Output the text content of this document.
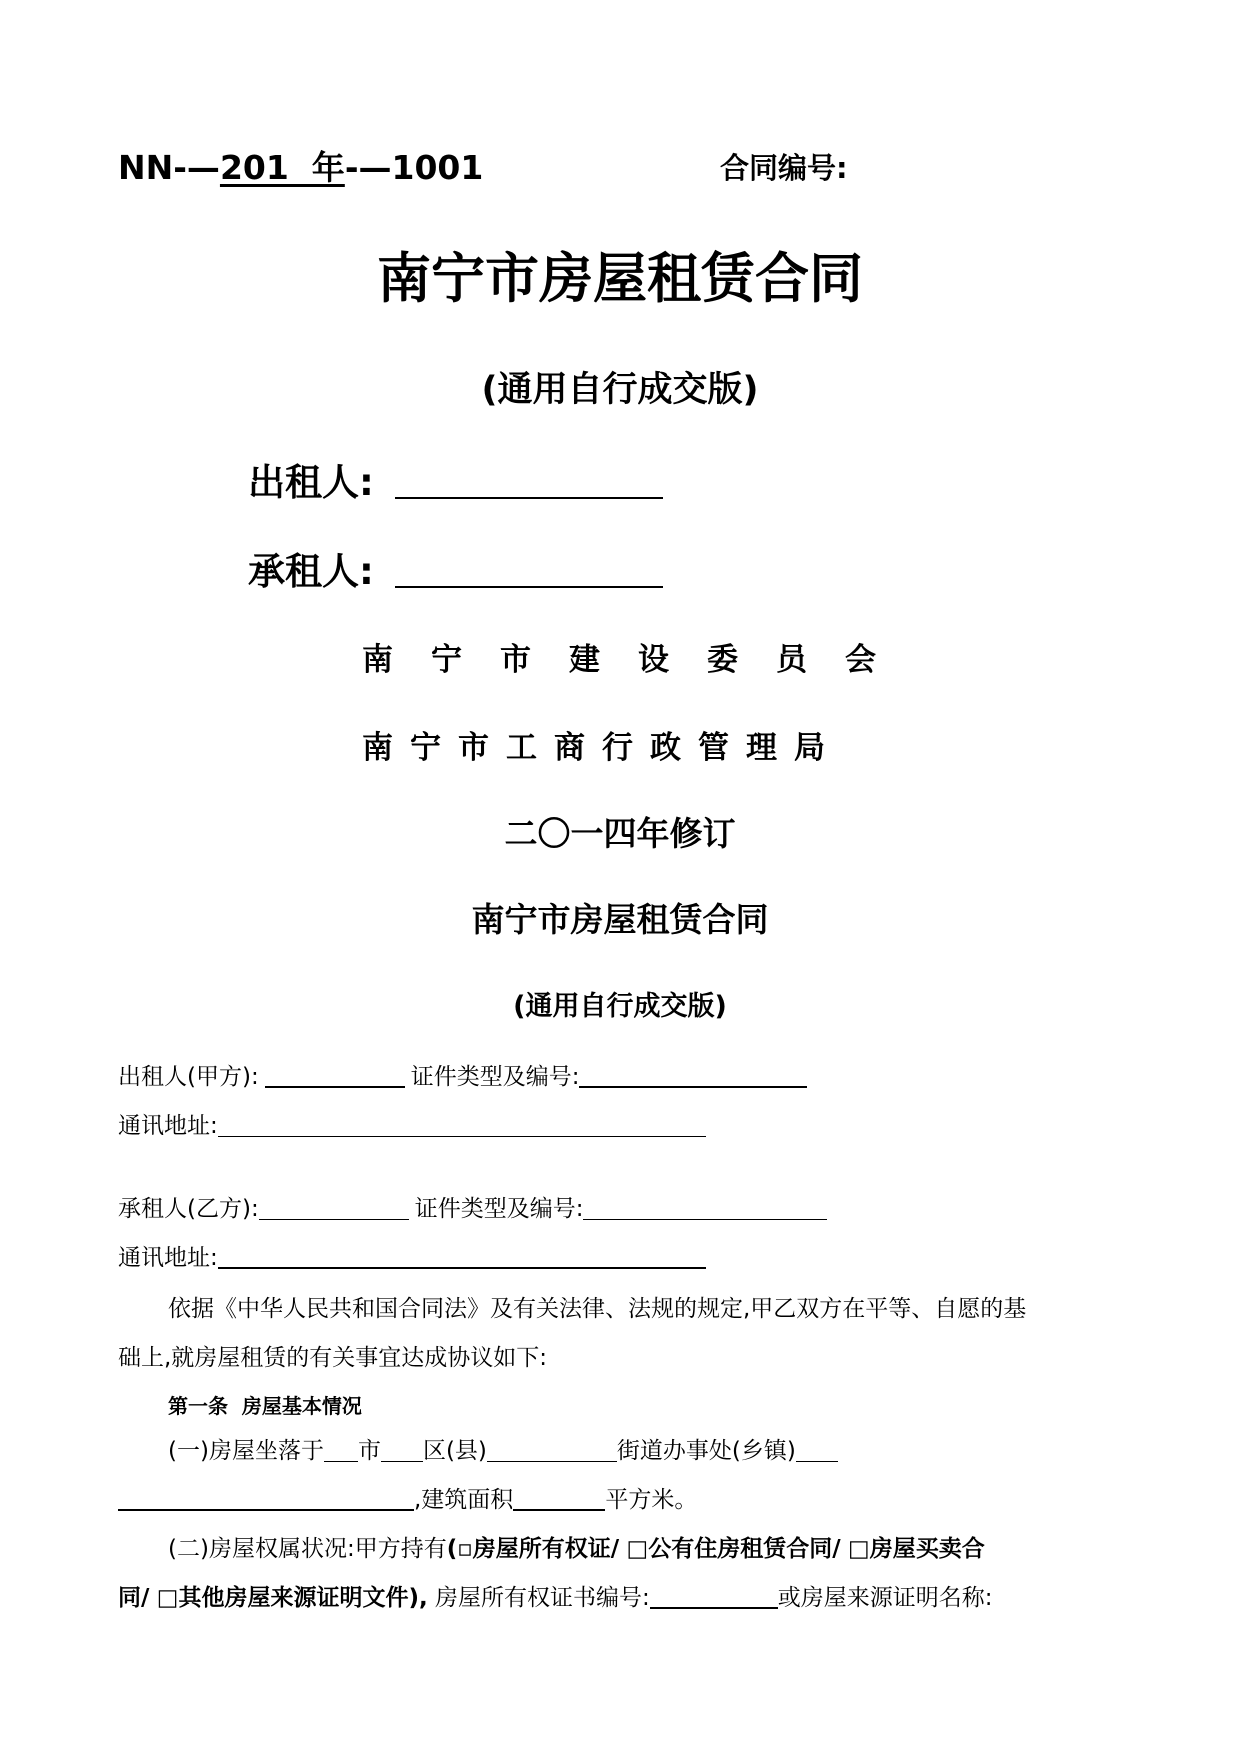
NN-—201  年-—1001	合同编号:
南宁市房屋租赁合同
(通用自行成交版)
出租人:
承租人:
南宁市建设委员会
南宁市工商行政管理局
二〇一四年修订
南宁市房屋租赁合同
(通用自行成交版)
出租人(甲方):	证件类型及编号:
通讯地址:
承租人(乙方):	证件类型及编号:
通讯地址:
依据《中华人民共和国合同法》及有关法律、法规的规定,甲乙双方在平等、自愿的基
础上,就房屋租赁的有关事宜达成协议如下:
第一条  房屋基本情况
(一)房屋坐落于 市 区(县)	街道办事处(乡镇)
,建筑面积	平方米。
(二)房屋权属状况:甲方持有(▫房屋所有权证/ □公有住房租赁合同/ □房屋买卖合
同/ □其他房屋来源证明文件), 房屋所有权证书编号:	或房屋来源证明名称:
